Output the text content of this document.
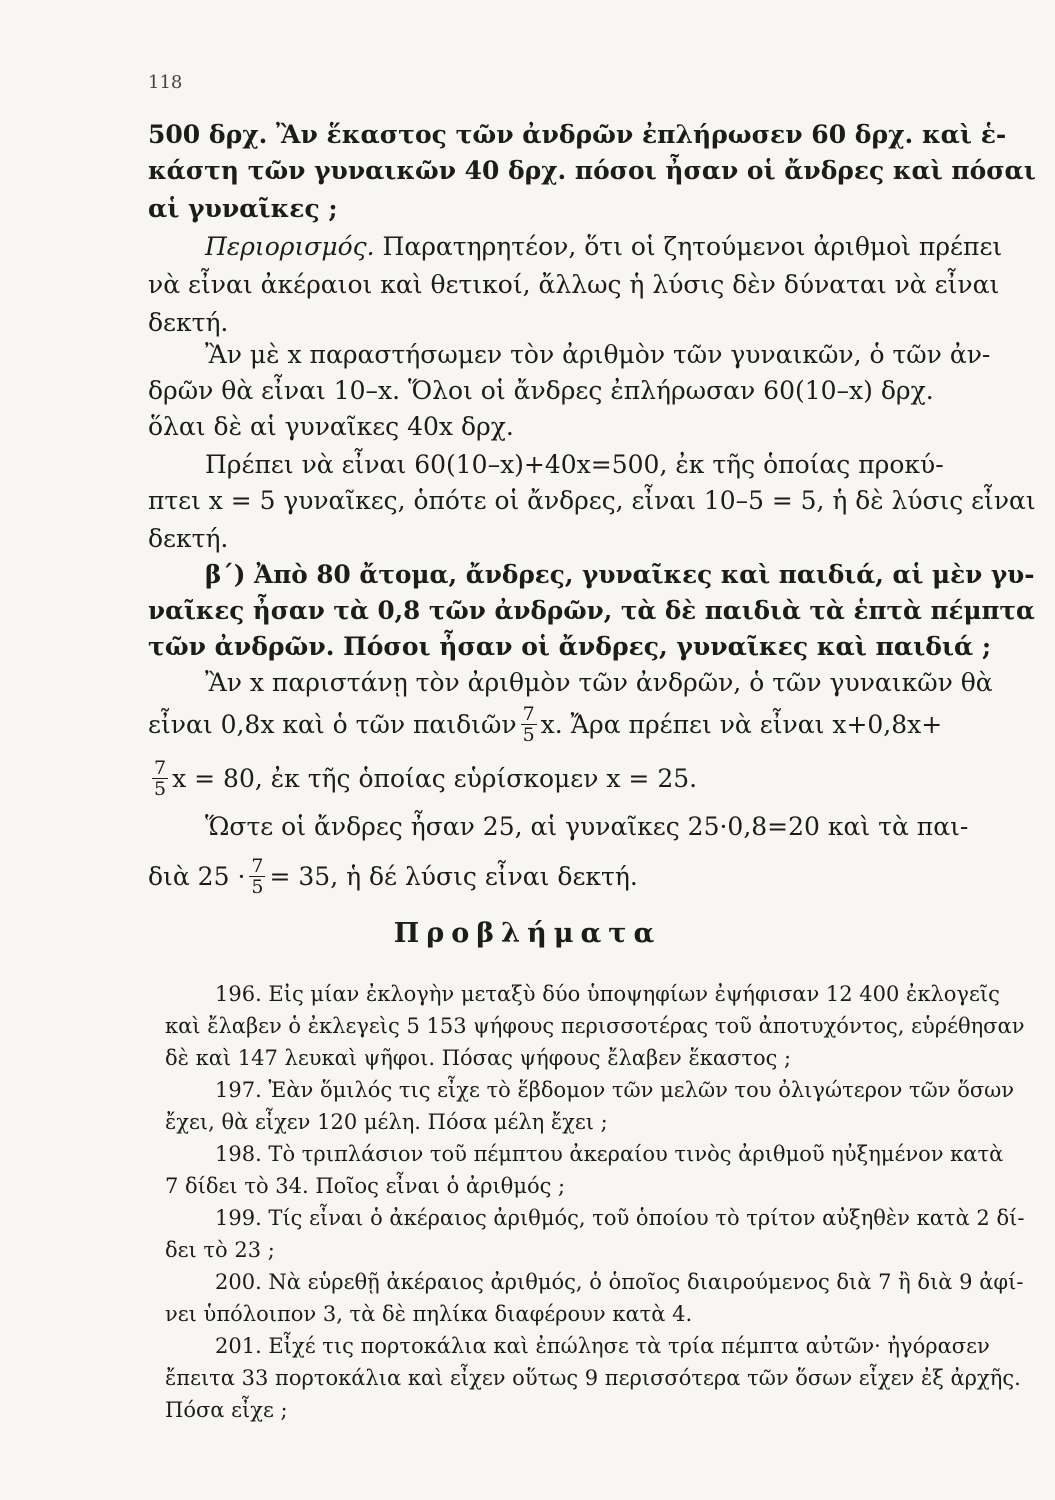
118
500 δρχ. Ἂν ἕκαστος τῶν ἀνδρῶν ἐπλήρωσεν 60 δρχ. καὶ ἑ-
κάστη τῶν γυναικῶν 40 δρχ. πόσοι ἦσαν οἱ ἄνδρες καὶ πόσαι
αἱ γυναῖκες ;
Περιορισμός. Παρατηρητέον, ὅτι οἱ ζητούμενοι ἀριθμοὶ πρέπει
νὰ εἶναι ἀκέραιοι καὶ θετικοί, ἄλλως ἡ λύσις δὲν δύναται νὰ εἶναι
δεκτή.
Ἂν μὲ x παραστήσωμεν τὸν ἀριθμὸν τῶν γυναικῶν, ὁ τῶν ἀν-
δρῶν θὰ εἶναι 10–x. Ὅλοι οἱ ἄνδρες ἐπλήρωσαν 60(10–x) δρχ.
ὅλαι δὲ αἱ γυναῖκες 40x δρχ.
Πρέπει νὰ εἶναι 60(10–x)+40x=500, ἐκ τῆς ὁποίας προκύ-
πτει x = 5 γυναῖκες, ὁπότε οἱ ἄνδρες, εἶναι 10–5 = 5, ἡ δὲ λύσις εἶναι
δεκτή.
β΄) Ἀπὸ 80 ἄτομα, ἄνδρες, γυναῖκες καὶ παιδιά, αἱ μὲν γυ-
ναῖκες ἦσαν τὰ 0,8 τῶν ἀνδρῶν, τὰ δὲ παιδιὰ τὰ ἑπτὰ πέμπτα
τῶν ἀνδρῶν. Πόσοι ἦσαν οἱ ἄνδρες, γυναῖκες καὶ παιδιά ;
Ἂν x παριστάνῃ τὸν ἀριθμὸν τῶν ἀνδρῶν, ὁ τῶν γυναικῶν θὰ
εἶναι 0,8x καὶ ὁ τῶν παιδιῶν $\frac{7}{5} x$. Ἄρα πρέπει νὰ εἶναι x+0,8x+
$\frac{7}{5}$ x = 80, ἐκ τῆς ὁποίας εὑρίσκομεν x = 25.
Ὥστε οἱ ἄνδρες ἦσαν 25, αἱ γυναῖκες 25·0,8=20 καὶ τὰ παι-
διὰ $25 \cdot \frac{7}{5} = 35$, ἡ δέ λύσις εἶναι δεκτή.
Προβλήματα
196. Εἰς μίαν ἐκλογὴν μεταξὺ δύο ὑποψηφίων ἐψήφισαν 12 400 ἐκλογεῖς
καὶ ἔλαβεν ὁ ἐκλεγεὶς 5 153 ψήφους περισσοτέρας τοῦ ἀποτυχόντος, εὑρέθησαν
δὲ καὶ 147 λευκαὶ ψῆφοι. Πόσας ψήφους ἔλαβεν ἕκαστος ;
197. Ἐὰν ὅμιλός τις εἶχε τὸ ἕβδομον τῶν μελῶν του ὀλιγώτερον τῶν ὅσων
ἔχει, θὰ εἶχεν 120 μέλη. Πόσα μέλη ἔχει ;
198. Τὸ τριπλάσιον τοῦ πέμπτου ἀκεραίου τινὸς ἀριθμοῦ ηὐξημένον κατὰ
7 δίδει τὸ 34. Ποῖος εἶναι ὁ ἀριθμός ;
199. Τίς εἶναι ὁ ἀκέραιος ἀριθμός, τοῦ ὁποίου τὸ τρίτον αὐξηθὲν κατὰ 2 δί-
δει τὸ 23 ;
200. Νὰ εὑρεθῇ ἀκέραιος ἀριθμός, ὁ ὁποῖος διαιρούμενος διὰ 7 ἢ διὰ 9 ἀφί-
νει ὑπόλοιπον 3, τὰ δὲ πηλίκα διαφέρουν κατὰ 4.
201. Εἶχέ τις πορτοκάλια καὶ ἐπώλησε τὰ τρία πέμπτα αὐτῶν· ἠγόρασεν
ἔπειτα 33 πορτοκάλια καὶ εἶχεν οὕτως 9 περισσότερα τῶν ὅσων εἶχεν ἐξ ἀρχῆς.
Πόσα εἶχε ;
